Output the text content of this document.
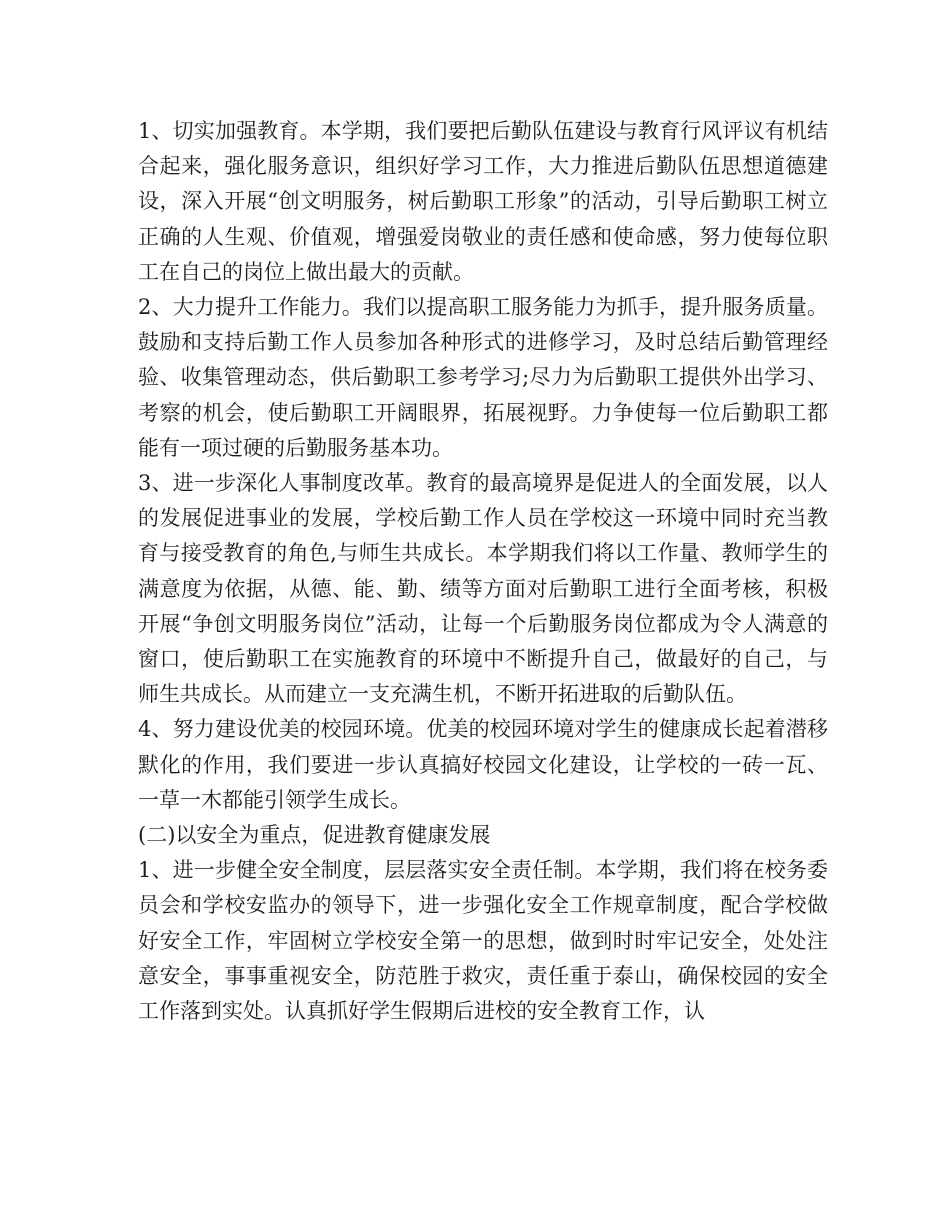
1、切实加强教育。本学期，我们要把后勤队伍建设与教育行风评议有机结合起来，强化服务意识，组织好学习工作，大力推进后勤队伍思想道德建设，深入开展“创文明服务，树后勤职工形象”的活动，引导后勤职工树立正确的人生观、价值观，增强爱岗敬业的责任感和使命感，努力使每位职工在自己的岗位上做出最大的贡献。

2、大力提升工作能力。我们以提高职工服务能力为抓手，提升服务质量。鼓励和支持后勤工作人员参加各种形式的进修学习，及时总结后勤管理经验、收集管理动态，供后勤职工参考学习;尽力为后勤职工提供外出学习、考察的机会，使后勤职工开阔眼界，拓展视野。力争使每一位后勤职工都能有一项过硬的后勤服务基本功。

3、进一步深化人事制度改革。教育的最高境界是促进人的全面发展，以人的发展促进事业的发展，学校后勤工作人员在学校这一环境中同时充当教育与接受教育的角色,与师生共成长。本学期我们将以工作量、教师学生的满意度为依据，从德、能、勤、绩等方面对后勤职工进行全面考核，积极开展“争创文明服务岗位”活动，让每一个后勤服务岗位都成为令人满意的窗口，使后勤职工在实施教育的环境中不断提升自己，做最好的自己，与师生共成长。从而建立一支充满生机，不断开拓进取的后勤队伍。

4、努力建设优美的校园环境。优美的校园环境对学生的健康成长起着潜移默化的作用，我们要进一步认真搞好校园文化建设，让学校的一砖一瓦、一草一木都能引领学生成长。

(二)以安全为重点，促进教育健康发展

1、进一步健全安全制度，层层落实安全责任制。本学期，我们将在校务委员会和学校安监办的领导下，进一步强化安全工作规章制度，配合学校做好安全工作，牢固树立学校安全第一的思想，做到时时牢记安全，处处注意安全，事事重视安全，防范胜于救灾，责任重于泰山，确保校园的安全工作落到实处。认真抓好学生假期后进校的安全教育工作，认
